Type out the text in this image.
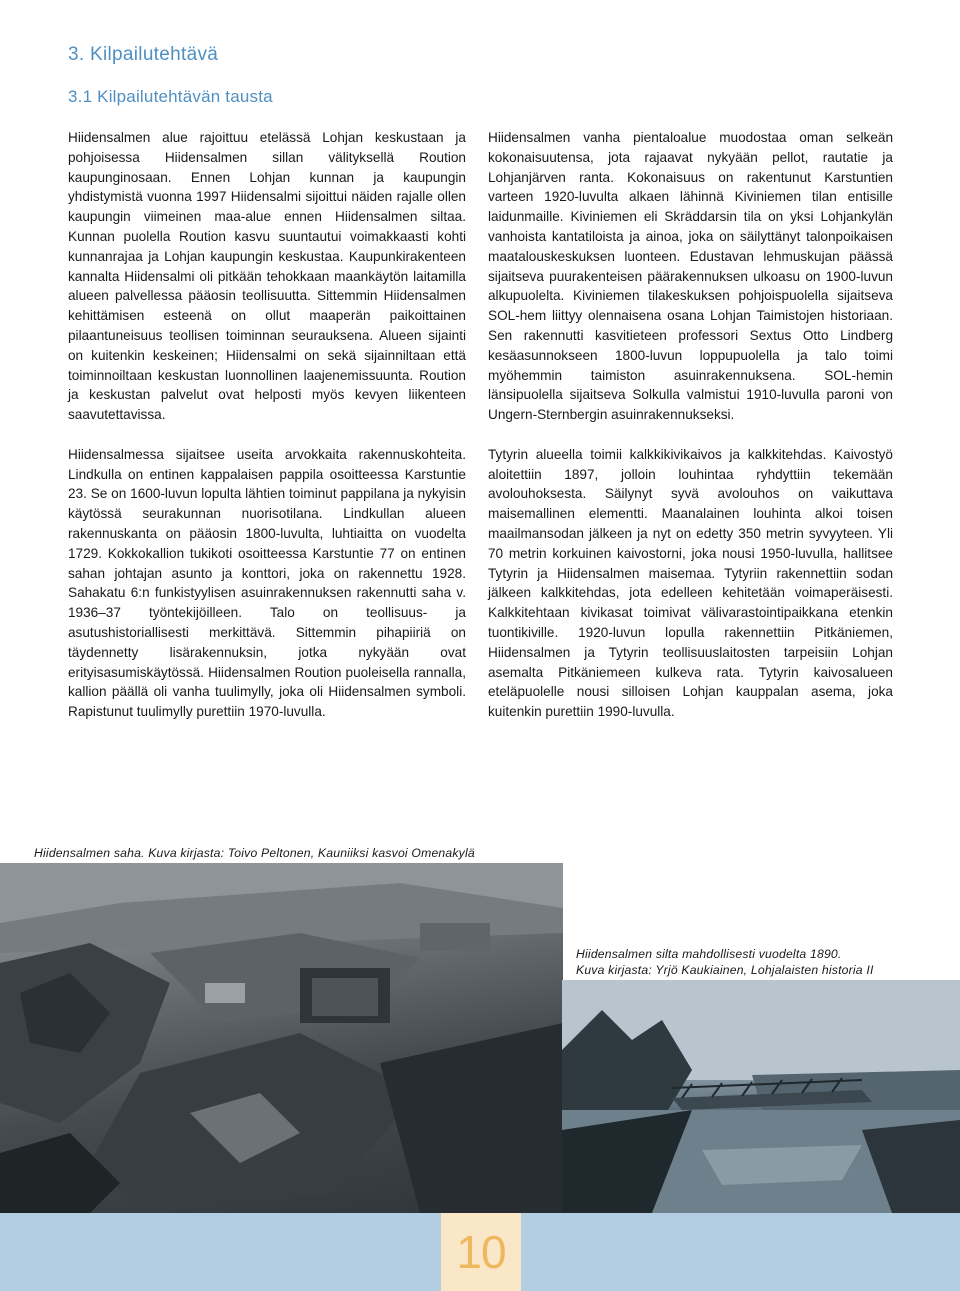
3. Kilpailutehtävä
3.1 Kilpailutehtävän tausta

Hiidensalmen alue rajoittuu etelässä Lohjan keskustaan ja pohjoisessa Hiidensalmen sillan välityksellä Roution kaupunginosaan. Ennen Lohjan kunnan ja kaupungin yhdistymistä vuonna 1997 Hiidensalmi sijoittui näiden rajalle ollen kaupungin viimeinen maa-alue ennen Hiidensalmen siltaa. Kunnan puolella Roution kasvu suuntautui voimakkaasti kohti kunnanrajaa ja Lohjan kaupungin keskustaa. Kaupunkirakenteen kannalta Hiidensalmi oli pitkään tehokkaan maankäytön laitamilla alueen palvellessa pääosin teollisuutta. Sittemmin Hiidensalmen kehittämisen esteenä on ollut maaperän paikoittainen pilaantuneisuus teollisen toiminnan seurauksena. Alueen sijainti on kuitenkin keskeinen; Hiidensalmi on sekä sijainniltaan että toiminnoiltaan keskustan luonnollinen laajenemissuunta. Roution ja keskustan palvelut ovat helposti myös kevyen liikenteen saavutettavissa.

Hiidensalmessa sijaitsee useita arvokkaita rakennuskohteita. Lindkulla on entinen kappalaisen pappila osoitteessa Karstuntie 23. Se on 1600-luvun lopulta lähtien toiminut pappilana ja nykyisin käytössä seurakunnan nuorisotilana. Lindkullan alueen rakennuskanta on pääosin 1800-luvulta, luhtiaitta on vuodelta 1729. Kokkokallion tukikoti osoitteessa Karstuntie 77 on entinen sahan johtajan asunto ja konttori, joka on rakennettu 1928. Sahakatu 6:n funkistyylisen asuinrakennuksen rakennutti saha v. 1936–37 työntekijöilleen. Talo on teollisuus- ja asutushistoriallisesti merkittävä. Sittemmin pihapiiriä on täydennetty lisärakennuksin, jotka nykyään ovat erityisasumiskäytössä. Hiidensalmen Roution puoleisella rannalla, kallion päällä oli vanha tuulimylly, joka oli Hiidensalmen symboli. Rapistunut tuulimylly purettiin 1970-luvulla.

Hiidensalmen vanha pientaloalue muodostaa oman selkeän kokonaisuutensa, jota rajaavat nykyään pellot, rautatie ja Lohjanjärven ranta. Kokonaisuus on rakentunut Karstuntien varteen 1920-luvulta alkaen lähinnä Kiviniemen tilan entisille laidunmaille. Kiviniemen eli Skräddarsin tila on yksi Lohjankylän vanhoista kantatiloista ja ainoa, joka on säilyttänyt talonpoikaisen maatalouskeskuksen luonteen. Edustavan lehmuskujan päässä sijaitseva puurakenteisen päärakennuksen ulkoasu on 1900-luvun alkupuolelta. Kiviniemen tilakeskuksen pohjoispuolella sijaitseva SOL-hem liittyy olennaisena osana Lohjan Taimistojen historiaan. Sen rakennutti kasvitieteen professori Sextus Otto Lindberg kesäasunnokseen 1800-luvun loppupuolella ja talo toimi myöhemmin taimiston asuinrakennuksena. SOL-hemin länsipuolella sijaitseva Solkulla valmistui 1910-luvulla paroni von Ungern-Sternbergin asuinrakennukseksi.

Tytyrin alueella toimii kalkkikivikaivos ja kalkkitehdas. Kaivostyö aloitettiin 1897, jolloin louhintaa ryhdyttiin tekemään avolouhoksesta. Säilynyt syvä avolouhos on vaikuttava maisemallinen elementti. Maanalainen louhinta alkoi toisen maailmansodan jälkeen ja nyt on edetty 350 metrin syvyyteen. Yli 70 metrin korkuinen kaivostorni, joka nousi 1950-luvulla, hallitsee Tytyrin ja Hiidensalmen maisemaa. Tytyriin rakennettiin sodan jälkeen kalkkitehdas, jota edelleen kehitetään voimaperäisesti. Kalkkitehtaan kivikasat toimivat välivarastointipaikkana etenkin tuontikiville. 1920-luvun lopulla rakennettiin Pitkäniemen, Hiidensalmen ja Tytyrin teollisuuslaitosten tarpeisiin Lohjan asemalta Pitkäniemeen kulkeva rata. Tytyrin kaivosalueen eteläpuolelle nousi silloisen Lohjan kauppalan asema, joka kuitenkin purettiin 1990-luvulla.

Hiidensalmen saha. Kuva kirjasta: Toivo Peltonen, Kauniiksi kasvoi Omenakylä
Hiidensalmen silta mahdollisesti vuodelta 1890.
Kuva kirjasta: Yrjö Kaukiainen, Lohjalaisten historia II
10
